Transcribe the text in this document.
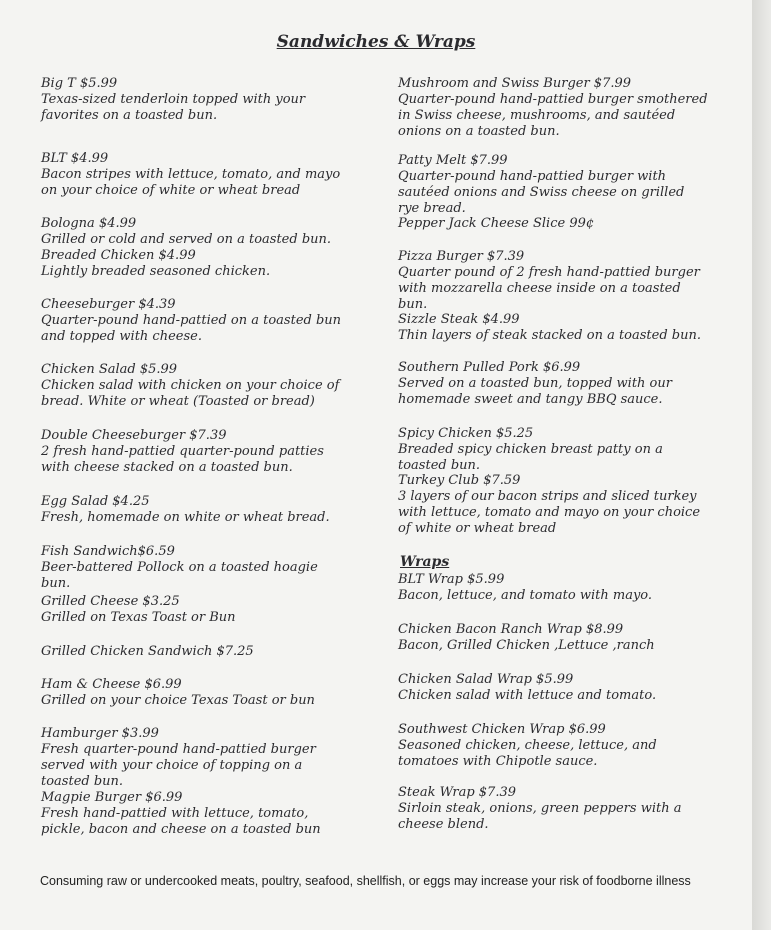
Sandwiches & Wraps
Big T $5.99
Texas-sized tenderloin topped with your favorites on a toasted bun.
BLT $4.99
Bacon stripes with lettuce, tomato, and mayo on your choice of white or wheat bread
Bologna $4.99
Grilled or cold and served on a toasted bun.
Breaded Chicken $4.99
Lightly breaded seasoned chicken.
Cheeseburger $4.39
Quarter-pound hand-pattied on a toasted bun and topped with cheese.
Chicken Salad $5.99
Chicken salad with chicken on your choice of bread. White or wheat (Toasted or bread)
Double Cheeseburger $7.39
2 fresh hand-pattied quarter-pound patties with cheese stacked on a toasted bun.
Egg Salad $4.25
Fresh, homemade on white or wheat bread.
Fish Sandwich$6.59
Beer-battered Pollock on a toasted hoagie bun.
Grilled Cheese $3.25
Grilled on Texas Toast or Bun
Grilled Chicken Sandwich $7.25
Ham & Cheese $6.99
Grilled on your choice Texas Toast or bun
Hamburger $3.99
Fresh quarter-pound hand-pattied burger served with your choice of topping on a toasted bun.
Magpie Burger $6.99
Fresh hand-pattied with lettuce, tomato, pickle, bacon and cheese on a toasted bun
Mushroom and Swiss Burger $7.99
Quarter-pound hand-pattied burger smothered in Swiss cheese, mushrooms, and sautéed onions on a toasted bun.
Patty Melt $7.99
Quarter-pound hand-pattied burger with sautéed onions and Swiss cheese on grilled rye bread.
Pepper Jack Cheese Slice 99¢
Pizza Burger $7.39
Quarter pound of 2 fresh hand-pattied burger with mozzarella cheese inside on a toasted bun.
Sizzle Steak $4.99
Thin layers of steak stacked on a toasted bun.
Southern Pulled Pork $6.99
Served on a toasted bun, topped with our homemade sweet and tangy BBQ sauce.
Spicy Chicken $5.25
Breaded spicy chicken breast patty on a toasted bun.
Turkey Club $7.59
3 layers of our bacon strips and sliced turkey with lettuce, tomato and mayo on your choice of white or wheat bread
Wraps
BLT Wrap $5.99
Bacon, lettuce, and tomato with mayo.
Chicken Bacon Ranch Wrap $8.99
Bacon, Grilled Chicken ,Lettuce ,ranch
Chicken Salad Wrap $5.99
Chicken salad with lettuce and tomato.
Southwest Chicken Wrap $6.99
Seasoned chicken, cheese, lettuce, and tomatoes with Chipotle sauce.
Steak Wrap $7.39
Sirloin steak, onions, green peppers with a cheese blend.
Consuming raw or undercooked meats, poultry, seafood, shellfish, or eggs may increase your risk of foodborne illness
